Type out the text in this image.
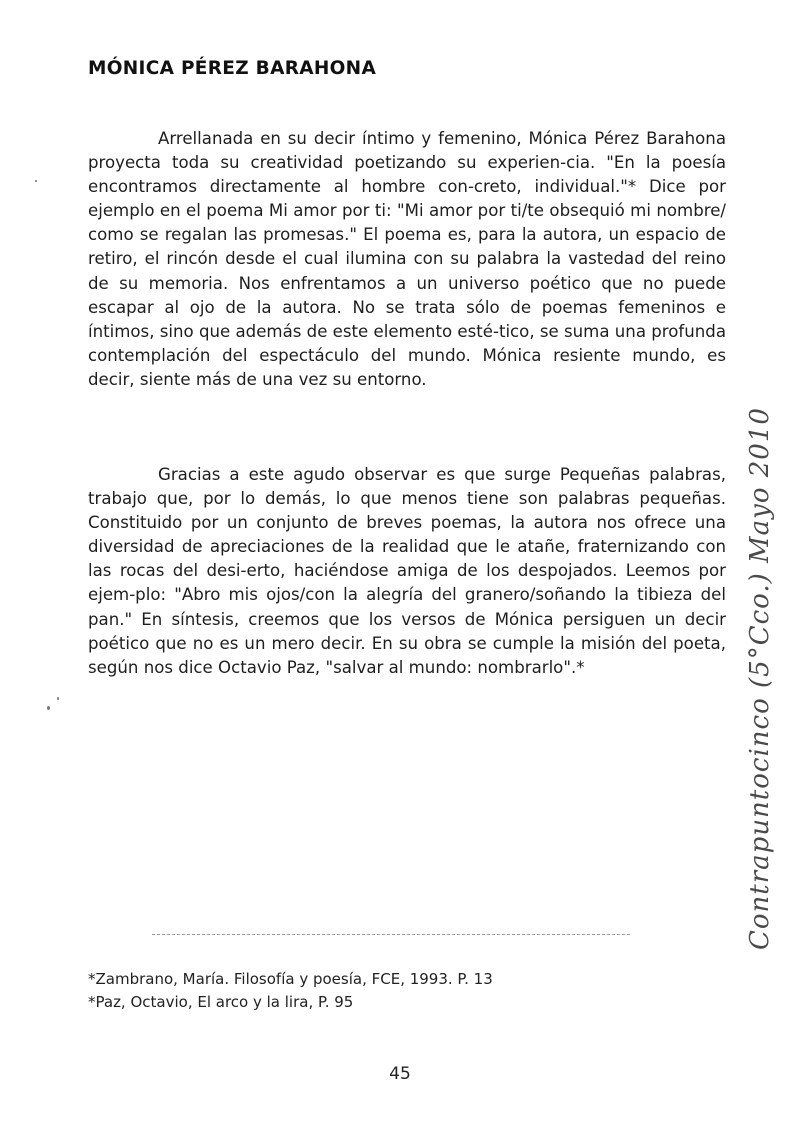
MÓNICA PÉREZ BARAHONA

Arrellanada en su decir íntimo y femenino, Mónica Pérez Barahona proyecta toda su creatividad poetizando su experien-cia. "En la poesía encontramos directamente al hombre con-creto, individual."* Dice por ejemplo en el poema Mi amor por ti: "Mi amor por ti/te obsequió mi nombre/ como se regalan las promesas." El poema es, para la autora, un espacio de retiro, el rincón desde el cual ilumina con su palabra la vastedad del reino de su memoria. Nos enfrentamos a un universo poético que no puede escapar al ojo de la autora. No se trata sólo de poemas femeninos e íntimos, sino que además de este elemento esté-tico, se suma una profunda contemplación del espectáculo del mundo. Mónica resiente mundo, es decir, siente más de una vez su entorno.

Gracias a este agudo observar es que surge Pequeñas palabras, trabajo que, por lo demás, lo que menos tiene son palabras pequeñas. Constituido por un conjunto de breves poemas, la autora nos ofrece una diversidad de apreciaciones de la realidad que le atañe, fraternizando con las rocas del desi-erto, haciéndose amiga de los despojados. Leemos por ejem-plo: "Abro mis ojos/con la alegría del granero/soñando la tibieza del pan." En síntesis, creemos que los versos de Mónica persiguen un decir poético que no es un mero decir. En su obra se cumple la misión del poeta, según nos dice Octavio Paz, "salvar al mundo: nombrarlo".*

*Zambrano, María. Filosofía y poesía, FCE, 1993. P. 13
*Paz, Octavio, El arco y la lira, P. 95
45
Contrapuntocinco (5°Cco.) Mayo 2010
